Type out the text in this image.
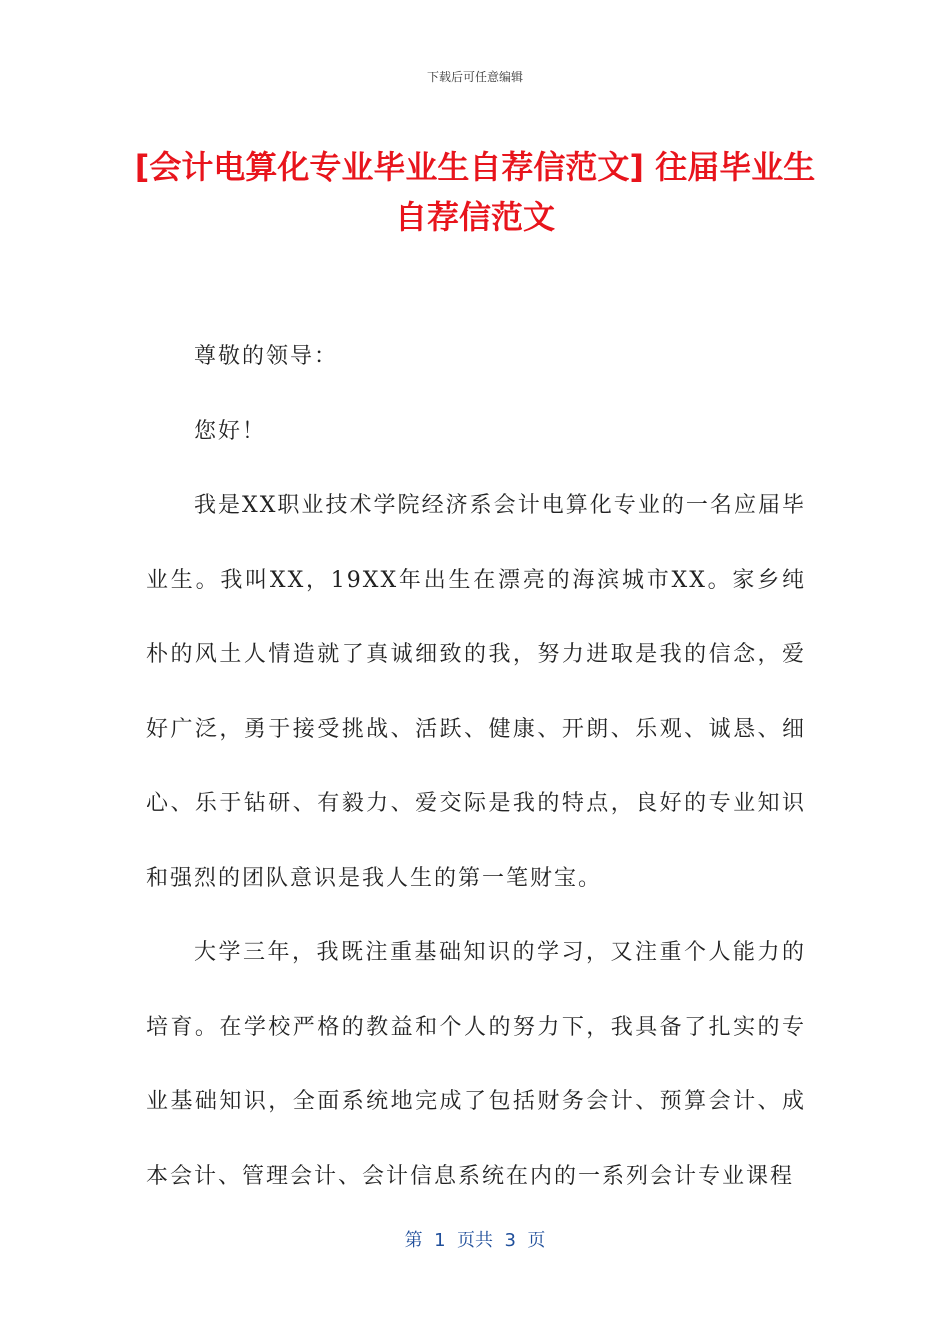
下载后可任意编辑
[会计电算化专业毕业生自荐信范文] 往届毕业生自荐信范文

尊敬的领导：

您好！

我是XX职业技术学院经济系会计电算化专业的一名应届毕业生。我叫XX，19XX年出生在漂亮的海滨城市XX。家乡纯朴的风土人情造就了真诚细致的我，努力进取是我的信念，爱好广泛，勇于接受挑战、活跃、健康、开朗、乐观、诚恳、细心、乐于钻研、有毅力、爱交际是我的特点，良好的专业知识和强烈的团队意识是我人生的第一笔财宝。

大学三年，我既注重基础知识的学习，又注重个人能力的培育。在学校严格的教益和个人的努力下，我具备了扎实的专业基础知识，全面系统地完成了包括财务会计、预算会计、成本会计、管理会计、会计信息系统在内的一系列会计专业课程

第  1  页共  3  页
